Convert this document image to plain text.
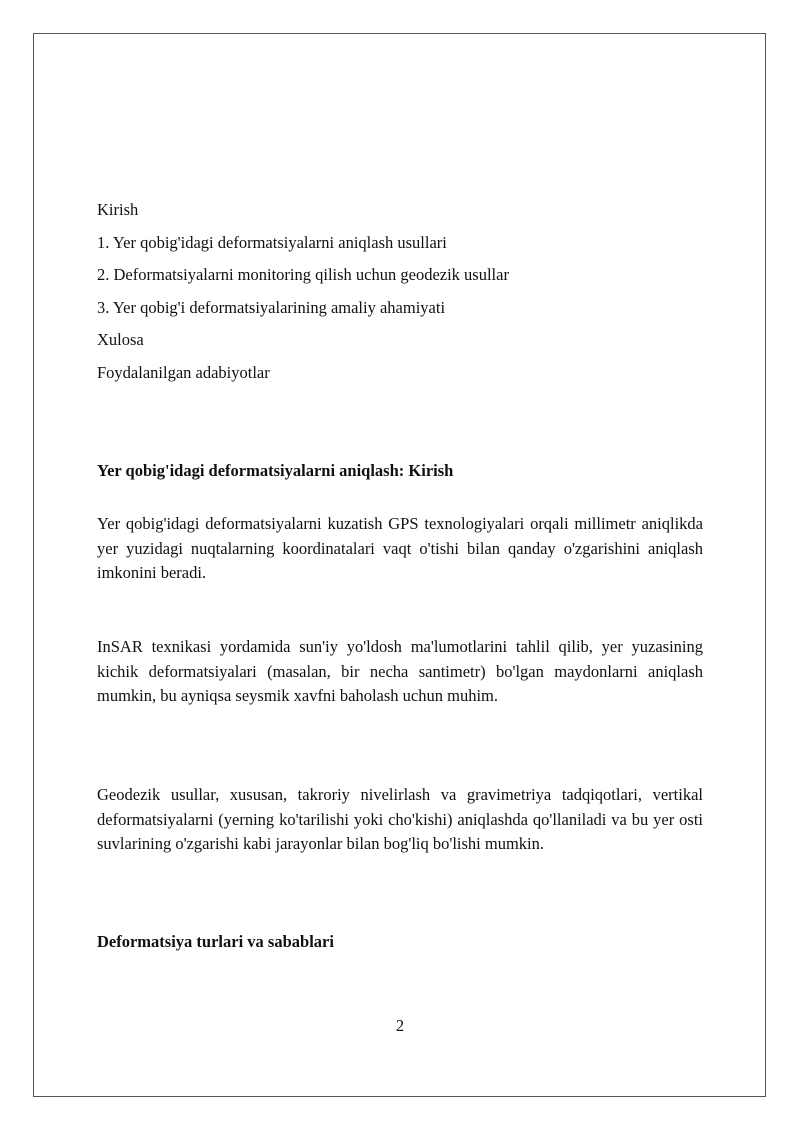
Kirish
1. Yer qobig'idagi deformatsiyalarni aniqlash usullari
2. Deformatsiyalarni monitoring qilish uchun geodezik usullar
3. Yer qobig'i deformatsiyalarining amaliy ahamiyati
Xulosa
Foydalanilgan adabiyotlar
Yer qobig'idagi deformatsiyalarni aniqlash: Kirish

Yer qobig'idagi deformatsiyalarni kuzatish GPS texnologiyalari orqali millimetr aniqlikda yer yuzidagi nuqtalarning koordinatalari vaqt o'tishi bilan qanday o'zgarishini aniqlash imkonini beradi.

InSAR texnikasi yordamida sun'iy yo'ldosh ma'lumotlarini tahlil qilib, yer yuzasining kichik deformatsiyalari (masalan, bir necha santimetr) bo'lgan maydonlarni aniqlash mumkin, bu ayniqsa seysmik xavfni baholash uchun muhim.

Geodezik usullar, xususan, takroriy nivelirlash va gravimetriya tadqiqotlari, vertikal deformatsiyalarni (yerning ko'tarilishi yoki cho'kishi) aniqlashda qo'llaniladi va bu yer osti suvlarining o'zgarishi kabi jarayonlar bilan bog'liq bo'lishi mumkin.

Deformatsiya turlari va sabablari
2
